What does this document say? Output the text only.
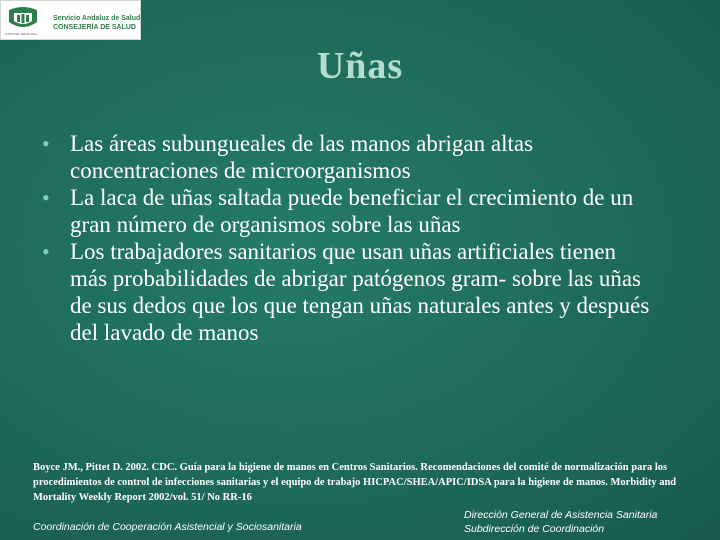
JUNTA DE ANDALUCIA
Servicio Andaluz de Salud
CONSEJERÍA DE SALUD
Uñas
• Las áreas subungueales de las manos abrigan altas concentraciones de microorganismos
• La laca de uñas saltada puede beneficiar el crecimiento de un gran número de organismos sobre las uñas
• Los trabajadores sanitarios que usan uñas artificiales tienen más probabilidades de abrigar patógenos gram- sobre las uñas de sus dedos que los que tengan uñas naturales antes y después del lavado de manos
Boyce JM., Pittet D. 2002. CDC. Guía para la higiene de manos en Centros Sanitarios. Recomendaciones del comité de normalización para los procedimientos de control de infecciones sanitarias y el equipo de trabajo HICPAC/SHEA/APIC/IDSA para la higiene de manos. Morbidity and Mortality Weekly Report 2002/vol. 51/ No RR-16
Coordinación de Cooperación Asistencial y Sociosanitaria
Dirección General de Asistencia Sanitaria
Subdirección de Coordinación
